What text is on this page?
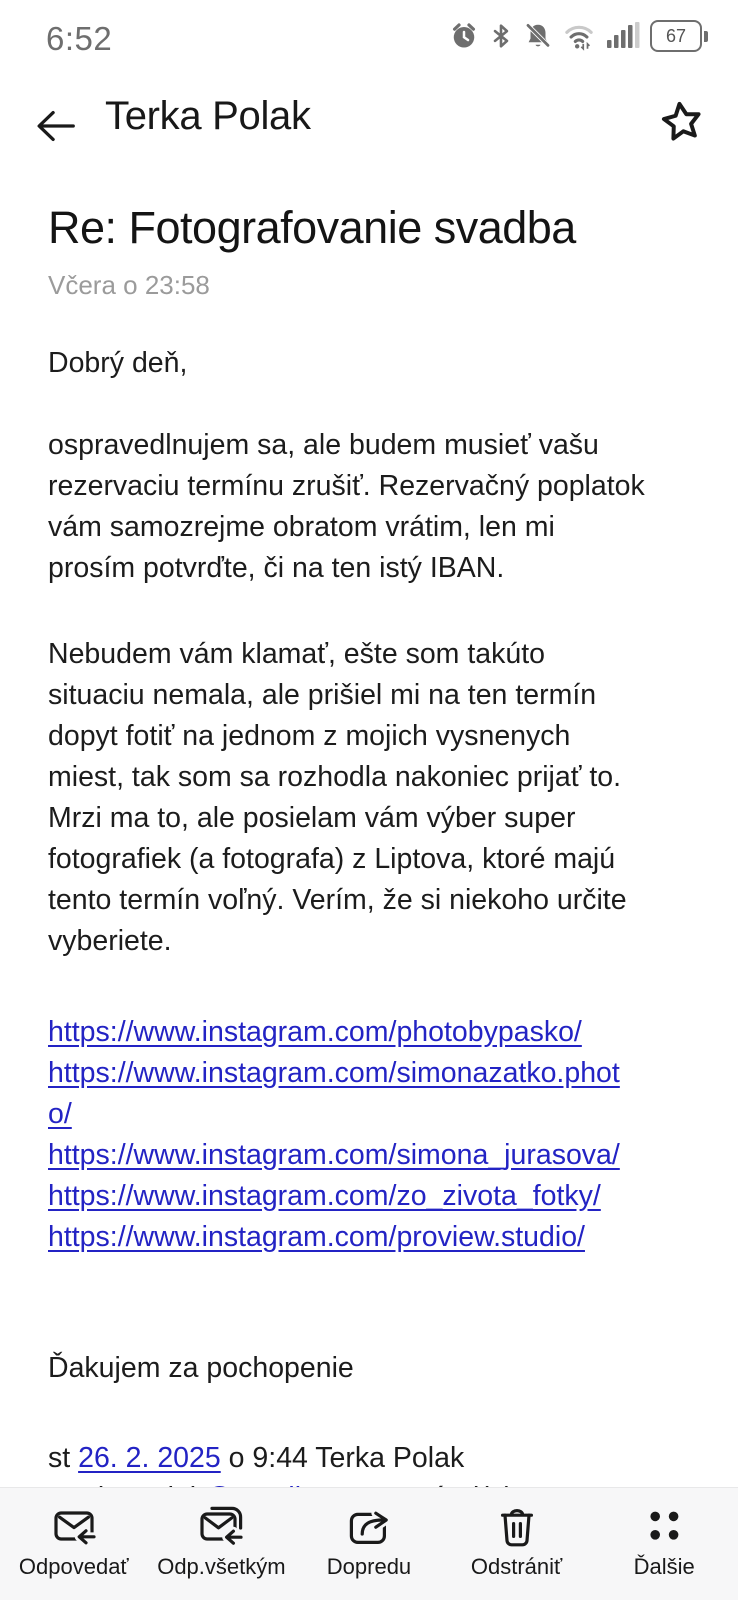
6:52	67
Terka Polak
Re: Fotografovanie svadba
Včera o 23:58
Dobrý deň,
ospravedlnujem sa, ale budem musieť vašu
rezervaciu termínu zrušiť. Rezervačný poplatok
vám samozrejme obratom vrátim, len mi
prosím potvrďte, či na ten istý IBAN.
Nebudem vám klamať, ešte som takúto
situaciu nemala, ale prišiel mi na ten termín
dopyt fotiť na jednom z mojich vysnenych
miest, tak som sa rozhodla nakoniec prijať to.
Mrzi ma to, ale posielam vám výber super
fotografiek (a fotografa) z Liptova, ktoré majú
tento termín voľný. Verím, že si niekoho určite
vyberiete.
https://www.instagram.com/photobypasko/
https://www.instagram.com/simonazatko.phot
o/
https://www.instagram.com/simona_jurasova/
https://www.instagram.com/zo_zivota_fotky/
https://www.instagram.com/proview.studio/
Ďakujem za pochopenie
st 26. 2. 2025 o 9:44 Terka Polak
Odpovedať Odp.všetkým Dopredu	Odstrániť	Ďalšie
